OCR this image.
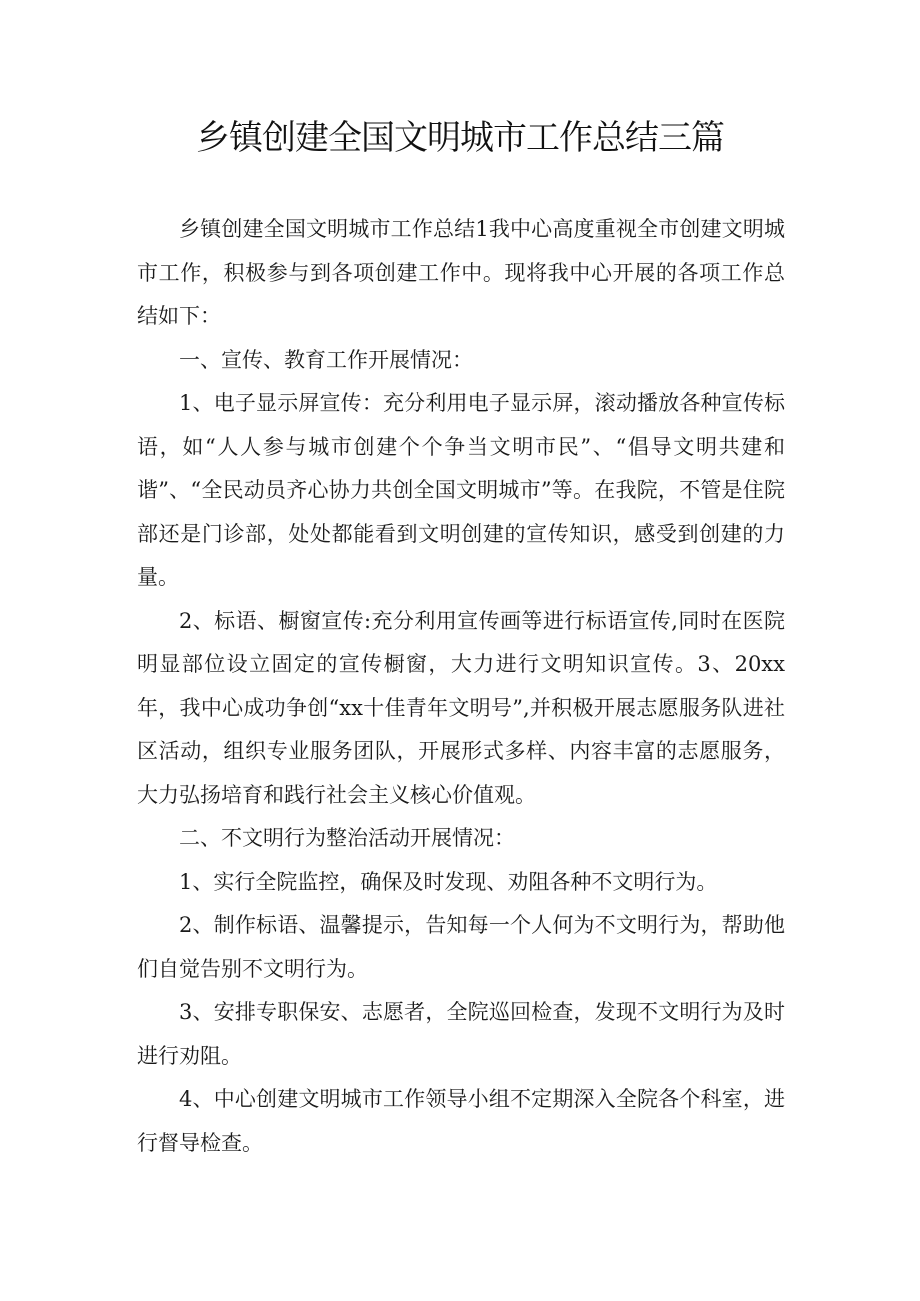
乡镇创建全国文明城市工作总结三篇

乡镇创建全国文明城市工作总结1我中心高度重视全市创建文明城市工作，积极参与到各项创建工作中。现将我中心开展的各项工作总结如下：

一、宣传、教育工作开展情况：

1、电子显示屏宣传：充分利用电子显示屏，滚动播放各种宣传标语，如“人人参与城市创建个个争当文明市民”、“倡导文明共建和谐”、“全民动员齐心协力共创全国文明城市”等。在我院，不管是住院部还是门诊部，处处都能看到文明创建的宣传知识，感受到创建的力量。

2、标语、橱窗宣传:充分利用宣传画等进行标语宣传,同时在医院明显部位设立固定的宣传橱窗，大力进行文明知识宣传。3、20xx年，我中心成功争创“xx十佳青年文明号”,并积极开展志愿服务队进社区活动，组织专业服务团队，开展形式多样、内容丰富的志愿服务，大力弘扬培育和践行社会主义核心价值观。

二、不文明行为整治活动开展情况：

1、实行全院监控，确保及时发现、劝阻各种不文明行为。

2、制作标语、温馨提示，告知每一个人何为不文明行为，帮助他们自觉告别不文明行为。

3、安排专职保安、志愿者，全院巡回检查，发现不文明行为及时进行劝阻。

4、中心创建文明城市工作领导小组不定期深入全院各个科室，进行督导检查。
